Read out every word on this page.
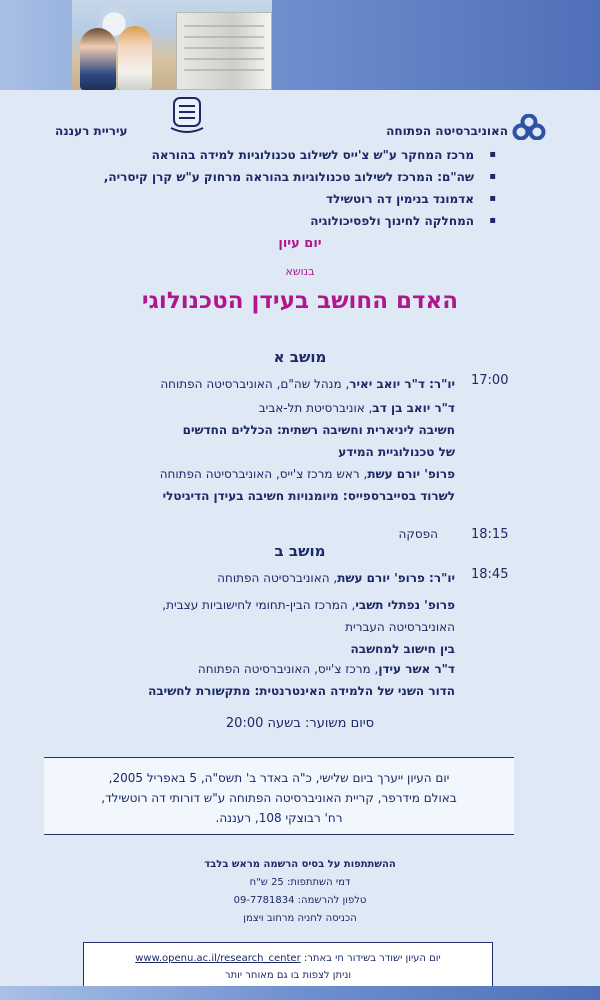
עיריית רעננה	האוניברסיטה הפתוחה
▪ מרכז המחקר ע"ש צ'ייס לשילוב טכנולוגיות למידה בהוראה
▪ שה"ם: המרכז לשילוב טכנולוגיות בהוראה מרחוק ע"ש קרן קיסריה,
▪ אדמונד בנימין דה רוטשילד
▪ המחלקה לחינוך ולפסיכולוגיה
יום עיון
בנושא
האדם החושב בעידן הטכנולוגי
מושב א
17:00
יו"ר: ד"ר יואב יאיר, מנהל שה"ם, האוניברסיטה הפתוחה
ד"ר יואב בן דב, אוניברסיטת תל-אביב
חשיבה ליניארית וחשיבה רשתית: הכללים החדשים
של טכנולוגיית המידע
פרופ' יורם עשת, ראש מרכז צ'ייס, האוניברסיטה הפתוחה
לשרוד בסייברספייס: מיומנויות חשיבה בעידן הדיגיטלי
18:15
הפסקה
מושב ב
18:45
יו"ר: פרופ' יורם עשת, האוניברסיטה הפתוחה
פרופ' נפתלי תשבי, המרכז הבין-תחומי לחישוביות עצבית,
האוניברסיטה העברית
בין חישוב למחשבה
ד"ר אשר עידן, מרכז צ'ייס, האוניברסיטה הפתוחה
הדור השני של הלמידה האינטרנטית: מתקשורת לחשיבה
סיום משוער: בשעה 20:00
יום העיון ייערך ביום שלישי, כ"ה באדר ב' תשס"ה, 5 באפריל 2005,
באולם מידרפר, קריית האוניברסיטה הפתוחה ע"ש דורותי דה רוטשילד,
רח' רבוצקי 108, רעננה.
ההשתתפות על בסיס הרשמה מראש בלבד
דמי השתתפות: 25 ש"ח
טלפון להרשמה: 09-7781834
הכניסה לחניה מרחוב ויצמן
יום העיון ישודר בשידור חי באתר: www.openu.ac.il/research_center
וניתן לצפות בו גם מאוחר יותר
